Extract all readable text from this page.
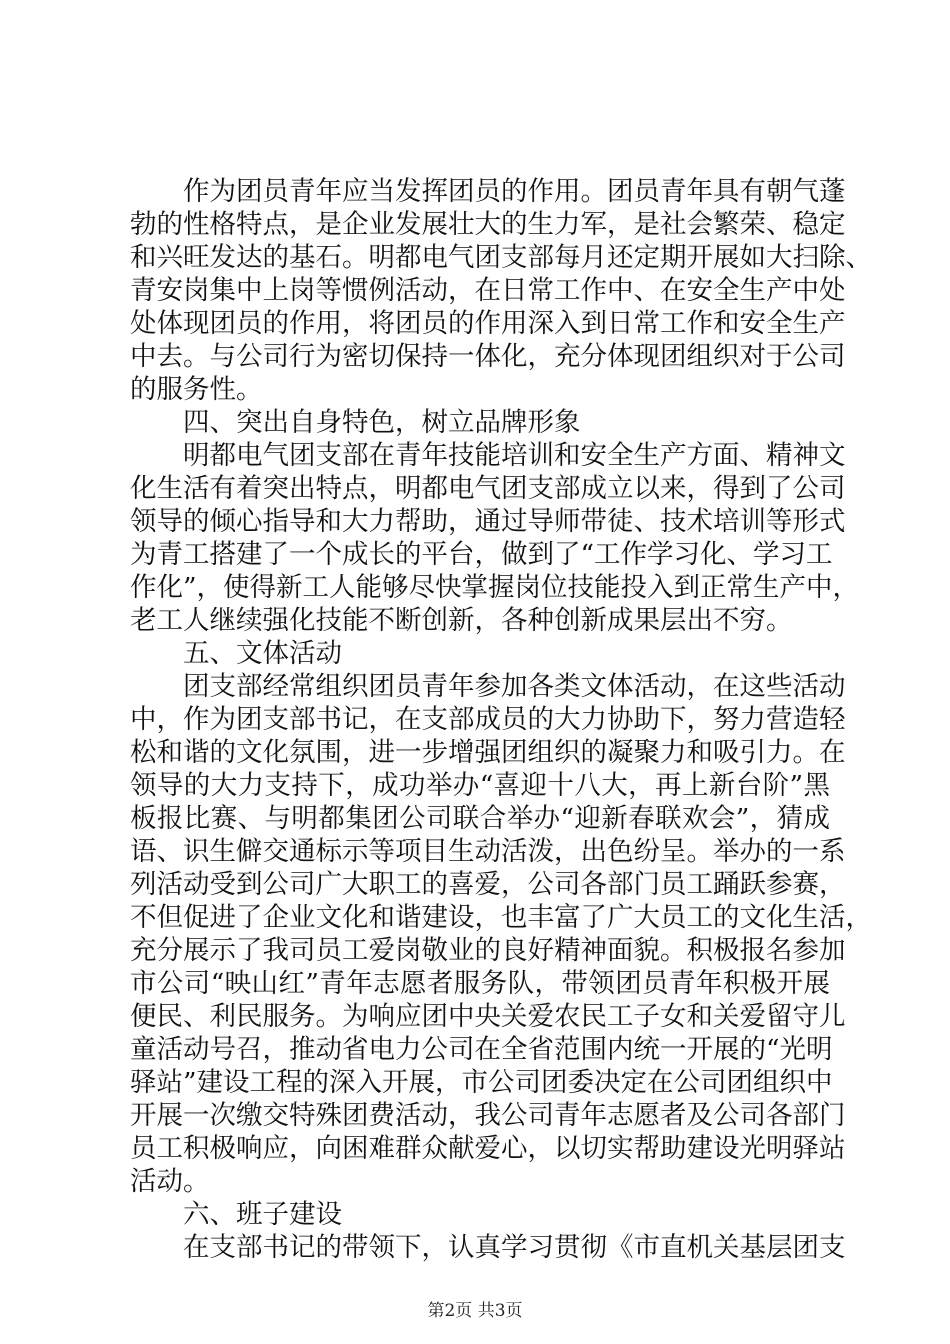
作为团员青年应当发挥团员的作用。团员青年具有朝气蓬
勃的性格特点，是企业发展壮大的生力军，是社会繁荣、稳定
和兴旺发达的基石。明都电气团支部每月还定期开展如大扫除、
青安岗集中上岗等惯例活动，在日常工作中、在安全生产中处
处体现团员的作用，将团员的作用深入到日常工作和安全生产
中去。与公司行为密切保持一体化，充分体现团组织对于公司
的服务性。
四、突出自身特色，树立品牌形象
明都电气团支部在青年技能培训和安全生产方面、精神文
化生活有着突出特点，明都电气团支部成立以来，得到了公司
领导的倾心指导和大力帮助，通过导师带徒、技术培训等形式
为青工搭建了一个成长的平台，做到了“工作学习化、学习工
作化”，使得新工人能够尽快掌握岗位技能投入到正常生产中，
老工人继续强化技能不断创新，各种创新成果层出不穷。
五、文体活动
团支部经常组织团员青年参加各类文体活动，在这些活动
中，作为团支部书记，在支部成员的大力协助下，努力营造轻
松和谐的文化氛围，进一步增强团组织的凝聚力和吸引力。在
领导的大力支持下，成功举办“喜迎十八大，再上新台阶”黑
板报比赛、与明都集团公司联合举办“迎新春联欢会”，猜成
语、识生僻交通标示等项目生动活泼，出色纷呈。举办的一系
列活动受到公司广大职工的喜爱，公司各部门员工踊跃参赛，
不但促进了企业文化和谐建设，也丰富了广大员工的文化生活，
充分展示了我司员工爱岗敬业的良好精神面貌。积极报名参加
市公司“映山红”青年志愿者服务队，带领团员青年积极开展
便民、利民服务。为响应团中央关爱农民工子女和关爱留守儿
童活动号召，推动省电力公司在全省范围内统一开展的“光明
驿站”建设工程的深入开展，市公司团委决定在公司团组织中
开展一次缴交特殊团费活动，我公司青年志愿者及公司各部门
员工积极响应，向困难群众献爱心，以切实帮助建设光明驿站
活动。
六、班子建设
在支部书记的带领下，认真学习贯彻《市直机关基层团支
第2页 共3页
